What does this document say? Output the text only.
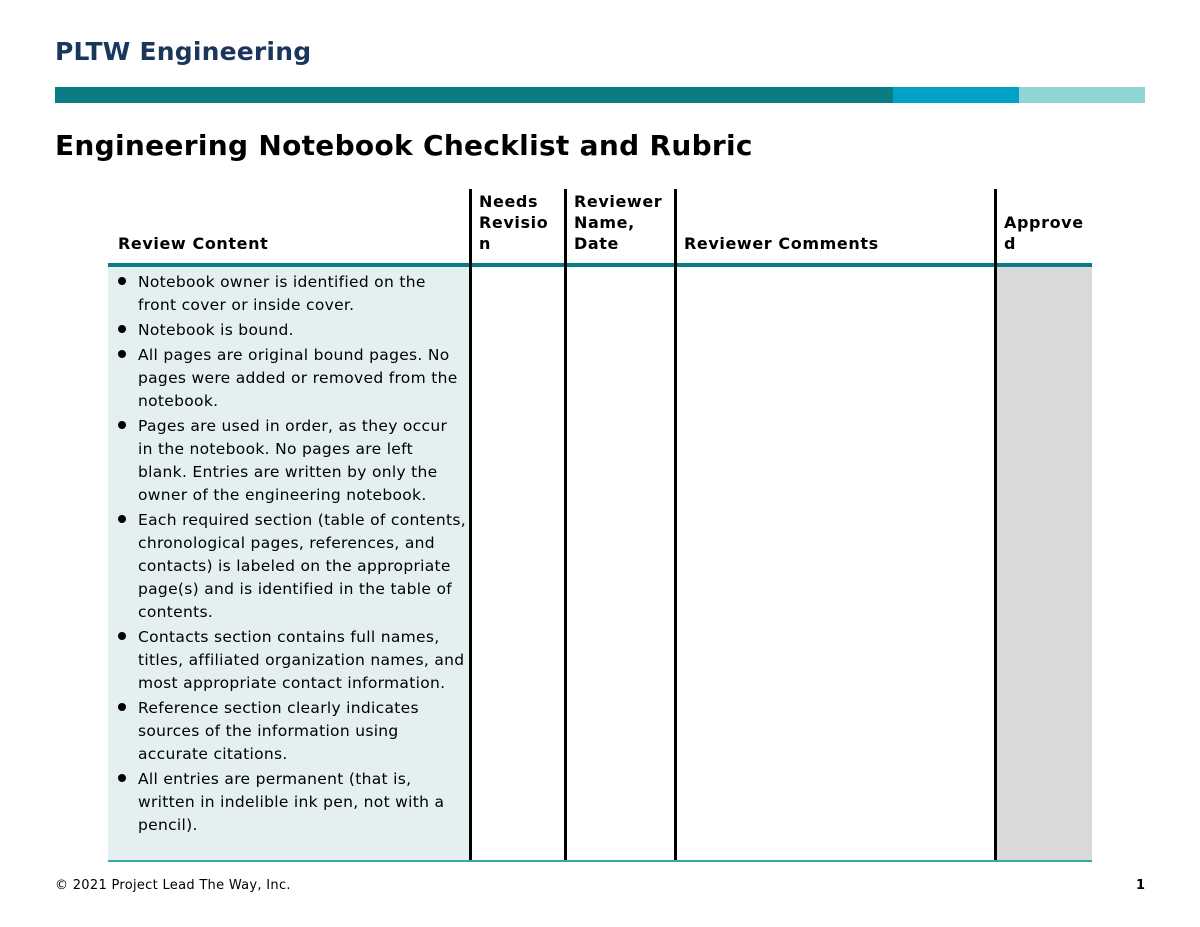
PLTW Engineering
Engineering Notebook Checklist and Rubric
Review Content
Needs
Revisio
n
Reviewer
Name,
Date	Reviewer Comments
Approve
d
Notebook owner is identified on the front cover or inside cover.
Notebook is bound.
All pages are original bound pages. No pages were added or removed from the notebook.
Pages are used in order, as they occur in the notebook. No pages are left blank. Entries are written by only the owner of the engineering notebook.
Each required section (table of contents, chronological pages, references, and contacts) is labeled on the appropriate page(s) and is identified in the table of contents.
Contacts section contains full names, titles, affiliated organization names, and most appropriate contact information.
Reference section clearly indicates sources of the information using accurate citations.
All entries are permanent (that is, written in indelible ink pen, not with a pencil).
© 2021 Project Lead The Way, Inc.	1
